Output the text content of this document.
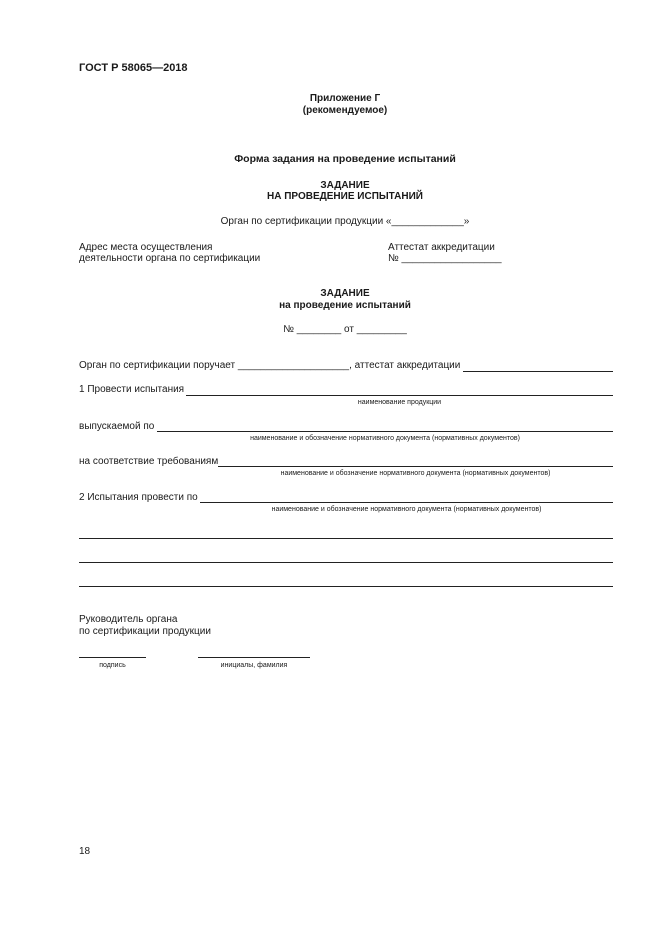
ГОСТ Р 58065—2018
Приложение Г
(рекомендуемое)
Форма задания на проведение испытаний
ЗАДАНИЕ
НА ПРОВЕДЕНИЕ ИСПЫТАНИЙ
Орган по сертификации продукции «_____________»
Адрес места осуществления
деятельности органа по сертификации
Аттестат аккредитации
№ __________________
ЗАДАНИЕ
на проведение испытаний
№ ________ от _________
Орган по сертификации поручает ____________________, аттестат аккредитации
1 Провести испытания
наименование продукции
выпускаемой по
наименование и обозначение нормативного документа (нормативных документов)
на соответствие требованиям
наименование и обозначение нормативного документа (нормативных документов)
2 Испытания провести по
наименование и обозначение нормативного документа (нормативных документов)
Руководитель органа
по сертификации продукции
подпись	инициалы, фамилия
18
